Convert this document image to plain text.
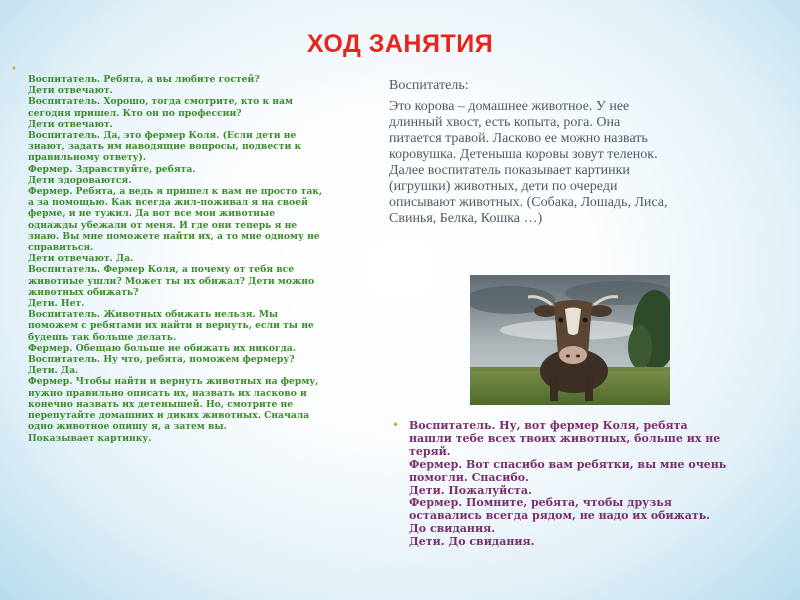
ХОД ЗАНЯТИЯ
•
Воспитатель. Ребята, а вы любите гостей?
Дети отвечают.
Воспитатель. Хорошо, тогда смотрите, кто к нам
сегодня пришел. Кто он по профессии?
Дети отвечают.
Воспитатель. Да, это фермер Коля. (Если дети не
знают, задать им наводящие вопросы, подвести к
правильному ответу).
Фермер. Здравствуйте, ребята.
Дети здороваются.
Фермер. Ребята, а ведь я пришел к вам не просто так,
а за помощью. Как всегда жил-поживал я на своей
ферме, и не тужил. Да вот все мои животные
однажды убежали от меня. И где они теперь я не
знаю. Вы мне поможете найти их, а то мне одному не
справиться.
Дети отвечают. Да.
Воспитатель. Фермер Коля, а почему от тебя все
животные ушли? Может ты их обижал? Дети можно
животных обижать?
Дети. Нет.
Воспитатель. Животных обижать нельзя. Мы
поможем с ребятами их найти и вернуть, если ты не
будешь так больше делать.
Фермер. Обещаю больше не обижать их никогда.
Воспитатель. Ну что, ребята, поможем фермеру?
Дети. Да.
Фермер. Чтобы найти и вернуть животных на ферму,
нужно правильно описать их, назвать их ласково и
конечно назвать их детенышей. Но, смотрите не
перепутайте домашних и диких животных. Сначала
одно животное опишу я, а затем вы.
Показывает картинку.
Воспитатель:
Это корова – домашнее животное. У нее
длинный хвост, есть копыта, рога. Она
питается травой. Ласково ее можно назвать
коровушка. Детеныша коровы зовут теленок.
Далее воспитатель показывает картинки
(игрушки) животных, дети по очереди
описывают животных. (Собака, Лошадь, Лиса,
Свинья, Белка, Кошка …)
• Воспитатель. Ну, вот фермер Коля, ребята
нашли тебе всех твоих животных, больше их не
теряй.
Фермер. Вот спасибо вам ребятки, вы мне очень
помогли. Спасибо.
Дети. Пожалуйста.
Фермер. Помните, ребята, чтобы друзья
оставались всегда рядом, не надо их обижать.
До свидания.
Дети. До свидания.
